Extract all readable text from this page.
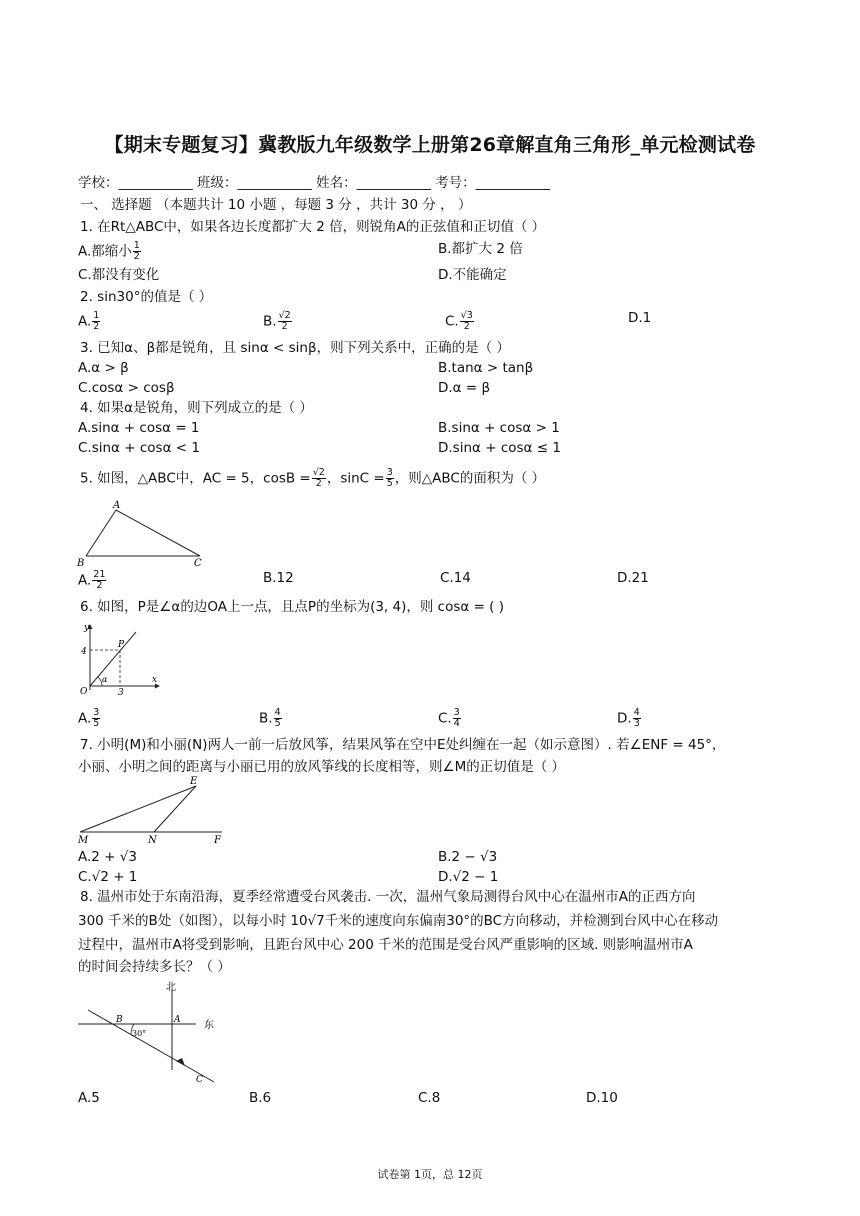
【期末专题复习】冀教版九年级数学上册第26章解直角三角形_单元检测试卷
学校：___________ 班级：___________ 姓名：___________ 考号：___________
一、 选择题 （本题共计 10 小题 ，每题 3 分 ，共计 30 分 ， ）
1. 在Rt△ABC中，如果各边长度都扩大 2 倍，则锐角A的正弦值和正切值（ ）
A.都缩小 $\frac{1}{2}$	B.都扩大 2 倍
C.都没有变化	D.不能确定
2. sin30°的值是（ ）
A. $\frac{1}{2}$	B. $\frac{√2}{2}$	C. $\frac{√3}{2}$	D.1
3. 已知α、β都是锐角，且 sinα < sinβ，则下列关系中，正确的是（ ）
A.α > β	B.tanα > tanβ
C.cosα > cosβ	D.α = β
4. 如果α是锐角，则下列成立的是（ ）
A.sinα + cosα = 1	B.sinα + cosα > 1
C.sinα + cosα < 1	D.sinα + cosα ≤ 1
5. 如图，△ABC中，AC = 5，$\cos B = \frac{√2}{2}$ ，$\sin C = \frac{3}{5}$ ，则△ABC的面积为（ ）
A
B	C
A. $\frac{21}{2}$	B.12	C.14	D.21
6. 如图，P是∠α的边OA上一点，且点P的坐标为(3, 4)，则 cosα = ( )
y
x
P
O
α
4
3
A. $\frac{3}{5}$	B. $\frac{4}{5}$	C. $\frac{3}{4}$	D. $\frac{4}{3}$
7. 小明(M)和小丽(N)两人一前一后放风筝，结果风筝在空中E处纠缠在一起（如示意图）. 若∠ENF = 45°，
小丽、小明之间的距离与小丽已用的放风筝线的长度相等，则∠M的正切值是（ ）
E
M	N	F
A.2 + √3	B.2 − √3
C.√2 + 1	D.√2 − 1
8. 温州市处于东南沿海，夏季经常遭受台风袭击. 一次，温州气象局测得台风中心在温州市A的正西方向
300 千米的B处（如图），以每小时 10√7千米的速度向东偏南30°的BC方向移动，并检测到台风中心在移动
过程中，温州市A将受到影响，且距台风中心 200 千米的范围是受台风严重影响的区域. 则影响温州市A
的时间会持续多长？（ ）
北
东
A
B
C
30°
A.5	B.6	C.8	D.10
试卷第 1页，总 12页
